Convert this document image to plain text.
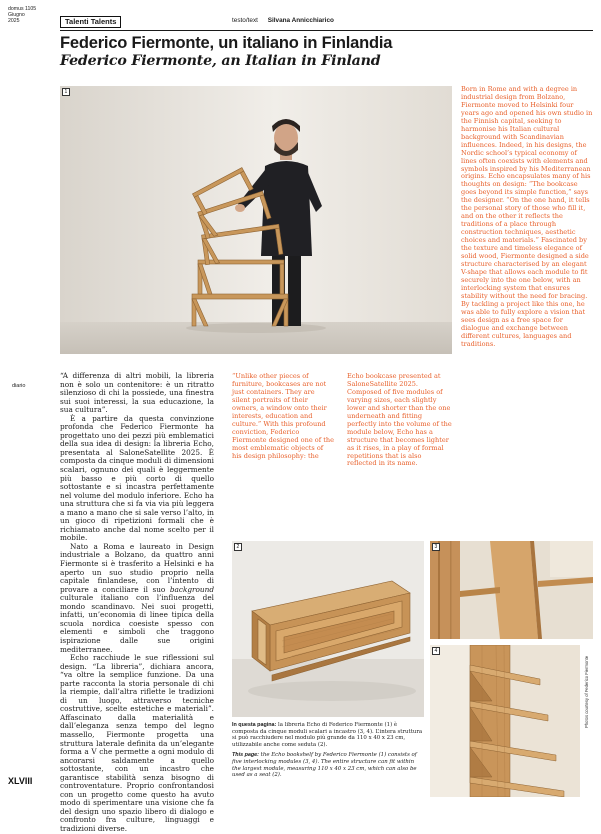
domus 1105
Giugno
2025
diario
XLVIII
Talenti Talents	testo/text Silvana Annicchiarico
Federico Fiermonte, un italiano in Finlandia
Federico Fiermonte, an Italian in Finland
1

“A differenza di altri mobili, la libreria non è solo un contenitore: è un ritratto silenzioso di chi la possiede, una finestra sui suoi interessi, la sua educazione, la sua cultura”.

È a partire da questa convinzione profonda che Federico Fiermonte ha progettato uno dei pezzi più emblematici della sua idea di design: la libreria Echo, presentata al SaloneSatellite 2025. È composta da cinque moduli di dimensioni scalari, ognuno dei quali è leggermente più basso e più corto di quello sottostante e si incastra perfettamente nel volume del modulo inferiore. Echo ha una struttura che si fa via via più leggera a mano a mano che si sale verso l’alto, in un gioco di ripetizioni formali che è richiamato anche dal nome scelto per il mobile.

Nato a Roma e laureato in Design industriale a Bolzano, da quattro anni Fiermonte si è trasferito a Helsinki e ha aperto un suo studio proprio nella capitale finlandese, con l’intento di provare a conciliare il suo background culturale italiano con l’influenza del mondo scandinavo. Nei suoi progetti, infatti, un’economia di linee tipica della scuola nordica coesiste spesso con elementi e simboli che traggono ispirazione dalle sue origini mediterranee.

Echo racchiude le sue riflessioni sul design. “La libreria”, dichiara ancora, “va oltre la semplice funzione. Da una parte racconta la storia personale di chi la riempie, dall’altra riflette le tradizioni di un luogo, attraverso tecniche costruttive, scelte estetiche e materiali”. Affascinato dalla materialità e dall’eleganza senza tempo del legno massello, Fiermonte progetta una struttura laterale definita da un’elegante forma a V che permette a ogni modulo di ancorarsi saldamente a quello sottostante, con un incastro che garantisce stabilità senza bisogno di controventature. Proprio confrontandosi con un progetto come questo ha avuto modo di sperimentare una visione che fa del design uno spazio libero di dialogo e confronto fra culture, linguaggi e tradizioni diverse.

“Unlike other pieces of furniture, bookcases are not just containers. They are silent portraits of their owners, a window onto their interests, education and culture.” With this profound conviction, Federico Fiermonte designed one of the most emblematic objects of his design philosophy: the
Echo bookcase presented at SaloneSatellite 2025. Composed of five modules of varying sizes, each slightly lower and shorter than the one underneath and fitting perfectly into the volume of the module below, Echo has a structure that becomes lighter as it rises, in a play of formal repetitions that is also reflected in its name.
Born in Rome and with a degree in industrial design from Bolzano, Fiermonte moved to Helsinki four years ago and opened his own studio in the Finnish capital, seeking to harmonise his Italian cultural background with Scandinavian influences. Indeed, in his designs, the Nordic school’s typical economy of lines often coexists with elements and symbols inspired by his Mediterranean origins. Echo encapsulates many of his thoughts on design: “The bookcase goes beyond its simple function,” says the designer. “On the one hand, it tells the personal story of those who fill it, and on the other it reflects the traditions of a place through construction techniques, aesthetic choices and materials.” Fascinated by the texture and timeless elegance of solid wood, Fiermonte designed a side structure characterised by an elegant V-shape that allows each module to fit securely into the one below, with an interlocking system that ensures stability without the need for bracing. By tackling a project like this one, he was able to fully explore a vision that sees design as a free space for dialogue and exchange between different cultures, languages and traditions.
2	3
4

In questa pagina: la libreria Echo di Federico Fiermonte (1) è composta da cinque moduli scalari a incastro (3, 4). L’intera struttura si può racchiudere nel modulo più grande da 110 x 40 x 23 cm, utilizzabile anche come seduta (2).

This page: the Echo bookshelf by Federico Fiermonte (1) consists of five interlocking modules (3, 4). The entire structure can fit within the largest module, measuring 110 x 40 x 23 cm, which can also be used as a seat (2).

Photos courtesy of Federico Fiermonte
